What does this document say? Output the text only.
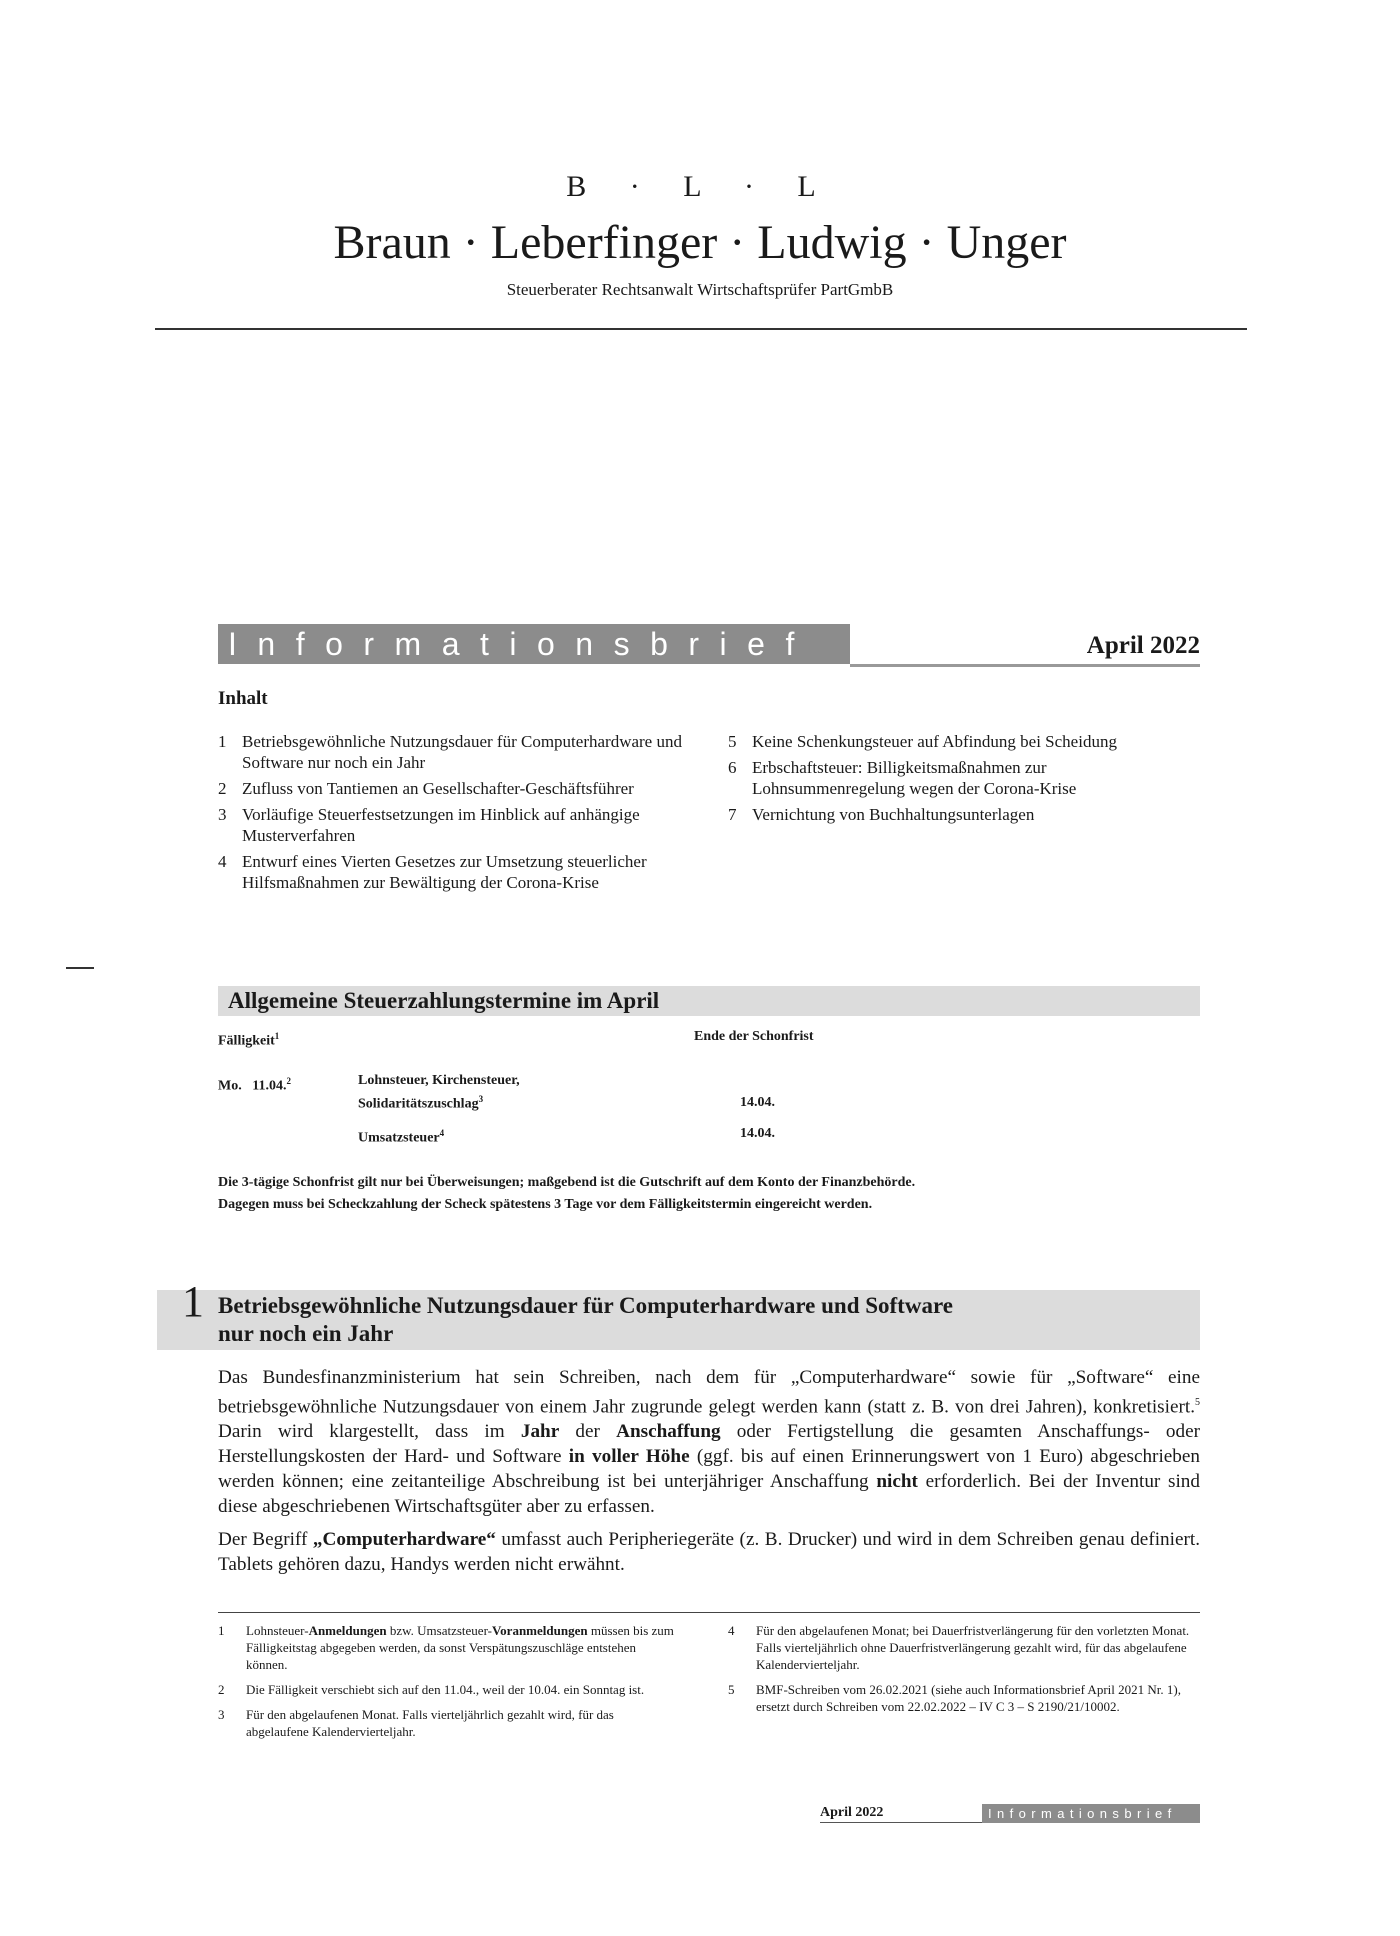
B · L · L
Braun · Leberfinger · Ludwig · Unger
Steuerberater Rechtsanwalt Wirtschaftsprüfer PartGmbB
Informationsbrief	April 2022
Inhalt
1 Betriebsgewöhnliche Nutzungsdauer für Computerhardware und Software nur noch ein Jahr
2 Zufluss von Tantiemen an Gesellschafter-Geschäftsführer
3 Vorläufige Steuerfestsetzungen im Hinblick auf anhängige Musterverfahren
4 Entwurf eines Vierten Gesetzes zur Umsetzung steuerlicher Hilfsmaßnahmen zur Bewältigung der Corona-Krise
5 Keine Schenkungsteuer auf Abfindung bei Scheidung
6 Erbschaftsteuer: Billigkeitsmaßnahmen zur Lohnsummenregelung wegen der Corona-Krise
7 Vernichtung von Buchhaltungsunterlagen
Allgemeine Steuerzahlungstermine im April
Fälligkeit$^1$	Ende der Schonfrist
Mo.   11.04.$^2$	Lohnsteuer, Kirchensteuer,
Solidaritätszuschlag$^3$	14.04.
Umsatzsteuer$^4$	14.04.
Die 3-tägige Schonfrist gilt nur bei Überweisungen; maßgebend ist die Gutschrift auf dem Konto der Finanzbehörde.
Dagegen muss bei Scheckzahlung der Scheck spätestens 3 Tage vor dem Fälligkeitstermin eingereicht werden.
1 Betriebsgewöhnliche Nutzungsdauer für Computerhardware und Software
nur noch ein Jahr
Das Bundesfinanzministerium hat sein Schreiben, nach dem für „Computerhardware“ sowie für „Software“ eine betriebsgewöhnliche Nutzungsdauer von einem Jahr zugrunde gelegt werden kann (statt z. B. von drei Jahren), konkretisiert.$^5$ Darin wird klargestellt, dass im Jahr der Anschaffung oder Fertigstellung die gesamten Anschaffungs- oder Herstellungskosten der Hard- und Software in voller Höhe (ggf. bis auf einen Erinnerungswert von 1 Euro) abgeschrieben werden können; eine zeitanteilige Abschreibung ist bei unterjähriger Anschaffung nicht erforderlich. Bei der Inventur sind diese abgeschriebenen Wirtschaftsgüter aber zu erfassen.
Der Begriff „Computerhardware“ umfasst auch Peripheriegeräte (z. B. Drucker) und wird in dem Schreiben genau definiert. Tablets gehören dazu, Handys werden nicht erwähnt.
1 Lohnsteuer-Anmeldungen bzw. Umsatzsteuer-Voranmeldungen müssen bis zum Fälligkeitstag abgegeben werden, da sonst Verspätungszuschläge entstehen können.
2 Die Fälligkeit verschiebt sich auf den 11.04., weil der 10.04. ein Sonntag ist.
3 Für den abgelaufenen Monat. Falls vierteljährlich gezahlt wird, für das abgelaufene Kalendervierteljahr.
4 Für den abgelaufenen Monat; bei Dauerfristverlängerung für den vorletzten Monat. Falls vierteljährlich ohne Dauerfristverlängerung gezahlt wird, für das abgelaufene Kalendervierteljahr.
5 BMF-Schreiben vom 26.02.2021 (siehe auch Informationsbrief April 2021 Nr. 1), ersetzt durch Schreiben vom 22.02.2022 – IV C 3 – S 2190/21/10002.
April 2022	Informationsbrief
